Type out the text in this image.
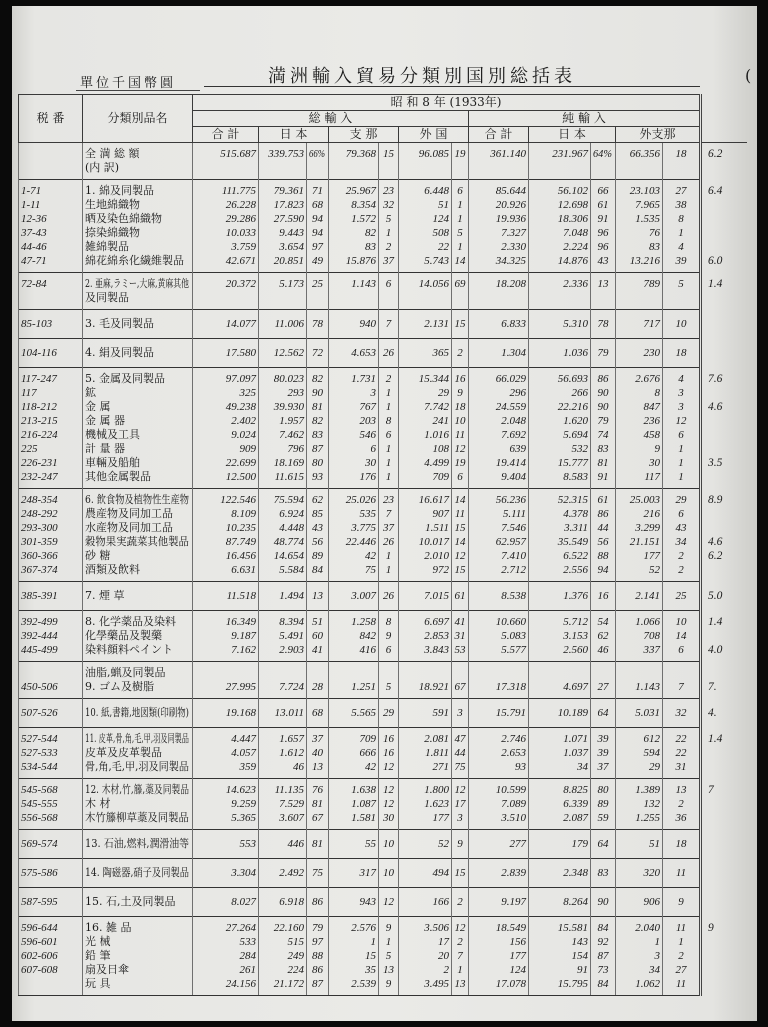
單位千国幣圓	満洲輸入貿易分類別国別総括表	(
税 番	分類別品名	昭 和 8 年 (1933年)												
		総 輸 入							純 輸 入					
		合 計	日 本		支 那		外 国		合 計	日 本		外支那		
	全 満 総 額	515.687	339.753	66%	79.368	15	96.085	19	361.140	231.967	64%	66.356	18	6.2
	(内 訳)													
1-71	1. 綿及同製品	111.775	79.361	71	25.967	23	6.448	6	85.644	56.102	66	23.103	27	6.4
1-11	生地綿織物	26.228	17.823	68	8.354	32	51	1	20.926	12.698	61	7.965	38	
12-36	晒及染色綿織物	29.286	27.590	94	1.572	5	124	1	19.936	18.306	91	1.535	8	
37-43	捺染綿織物	10.033	9.443	94	82	1	508	5	7.327	7.048	96	76	1	
44-46	雑綿製品	3.759	3.654	97	83	2	22	1	2.330	2.224	96	83	4	
47-71	綿花綿糸化繊維製品	42.671	20.851	49	15.876	37	5.743	14	34.325	14.876	43	13.216	39	6.0
72-84	2. 亜麻,ラミー,大麻,黄麻其他	20.372	5.173	25	1.143	6	14.056	69	18.208	2.336	13	789	5	1.4
	及同製品													
85-103	3. 毛及同製品	14.077	11.006	78	940	7	2.131	15	6.833	5.310	78	717	10	
104-116	4. 絹及同製品	17.580	12.562	72	4.653	26	365	2	1.304	1.036	79	230	18	
117-247	5. 金属及同製品	97.097	80.023	82	1.731	2	15.344	16	66.029	56.693	86	2.676	4	7.6
117	鉱	325	293	90	3	1	29	9	296	266	90	8	3	
118-212	金 属	49.238	39.930	81	767	1	7.742	18	24.559	22.216	90	847	3	4.6
213-215	金 属 器	2.402	1.957	82	203	8	241	10	2.048	1.620	79	236	12	
216-224	機械及工具	9.024	7.462	83	546	6	1.016	11	7.692	5.694	74	458	6	
225	計 量 器	909	796	87	6	1	108	12	639	532	83	9	1	
226-231	車輛及船舶	22.699	18.169	80	30	1	4.499	19	19.414	15.777	81	30	1	3.5
232-247	其他金属製品	12.500	11.615	93	176	1	709	6	9.404	8.583	91	117	1	
248-354	6. 飲食物及植物性生産物	122.546	75.594	62	25.026	23	16.617	14	56.236	52.315	61	25.003	29	8.9
248-292	農産物及同加工品	8.109	6.924	85	535	7	907	11	5.111	4.378	86	216	6	
293-300	水産物及同加工品	10.235	4.448	43	3.775	37	1.511	15	7.546	3.311	44	3.299	43	
301-359	穀物果実蔬菜其他製品	87.749	48.774	56	22.446	26	10.017	14	62.957	35.549	56	21.151	34	4.6
360-366	砂 糖	16.456	14.654	89	42	1	2.010	12	7.410	6.522	88	177	2	6.2
367-374	酒類及飲料	6.631	5.584	84	75	1	972	15	2.712	2.556	94	52	2	
385-391	7. 煙 草	11.518	1.494	13	3.007	26	7.015	61	8.538	1.376	16	2.141	25	5.0
392-499	8. 化学薬品及染料	16.349	8.394	51	1.258	8	6.697	41	10.660	5.712	54	1.066	10	1.4
392-444	化學藥品及製藥	9.187	5.491	60	842	9	2.853	31	5.083	3.153	62	708	14	
445-499	染料顔料ペイント	7.162	2.903	41	416	6	3.843	53	5.577	2.560	46	337	6	4.0
	油脂,蝋及同製品													
450-506	9. ゴム及樹脂	27.995	7.724	28	1.251	5	18.921	67	17.318	4.697	27	1.143	7	7.
507-526	10. 紙,書籍,地図類(印刷物)	19.168	13.011	68	5.565	29	591	3	15.791	10.189	64	5.031	32	4.
527-544	11. 皮革,骨,角,毛,甲,羽及同製品	4.447	1.657	37	709	16	2.081	47	2.746	1.071	39	612	22	1.4
527-533	皮革及皮革製品	4.057	1.612	40	666	16	1.811	44	2.653	1.037	39	594	22	
534-544	骨,角,毛,甲,羽及同製品	359	46	13	42	12	271	75	93	34	37	29	31	
545-568	12. 木材,竹,籐,藁及同製品	14.623	11.135	76	1.638	12	1.800	12	10.599	8.825	80	1.389	13	7
545-555	木 材	9.259	7.529	81	1.087	12	1.623	17	7.089	6.339	89	132	2	
556-568	木竹籐柳草藁及同製品	5.365	3.607	67	1.581	30	177	3	3.510	2.087	59	1.255	36	
569-574	13. 石油,燃料,潤滑油等	553	446	81	55	10	52	9	277	179	64	51	18	
575-586	14. 陶磁器,硝子及同製品	3.304	2.492	75	317	10	494	15	2.839	2.348	83	320	11	
587-595	15. 石,土及同製品	8.027	6.918	86	943	12	166	2	9.197	8.264	90	906	9	
596-644	16. 雑 品	27.264	22.160	79	2.576	9	3.506	12	18.549	15.581	84	2.040	11	9
596-601	光 械	533	515	97	1	1	17	2	156	143	92	1	1	
602-606	鉛 筆	284	249	88	15	5	20	7	177	154	87	3	2	
607-608	扇及日傘	261	224	86	35	13	2	1	124	91	73	34	27	
	玩 具	24.156	21.172	87	2.539	9	3.495	13	17.078	15.795	84	1.062	11	
